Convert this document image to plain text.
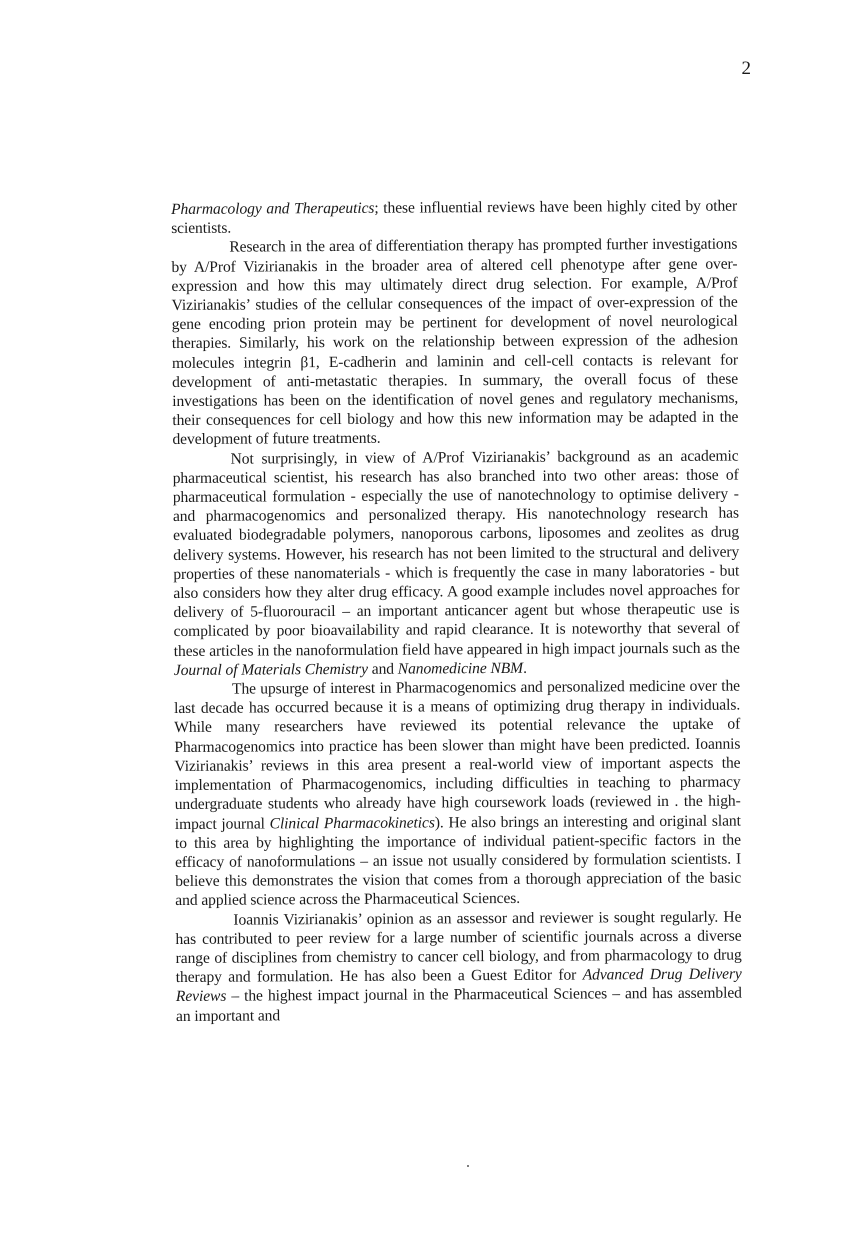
2

Pharmacology and Therapeutics; these influential reviews have been highly cited by other scientists.

Research in the area of differentiation therapy has prompted further investigations by A/Prof Vizirianakis in the broader area of altered cell phenotype after gene over-expression and how this may ultimately direct drug selection. For example, A/Prof Vizirianakis’ studies of the cellular consequences of the impact of over-expression of the gene encoding prion protein may be pertinent for development of novel neurological therapies. Similarly, his work on the relationship between expression of the adhesion molecules integrin β1, E-cadherin and laminin and cell-cell contacts is relevant for development of anti-metastatic therapies. In summary, the overall focus of these investigations has been on the identification of novel genes and regulatory mechanisms, their consequences for cell biology and how this new information may be adapted in the development of future treatments.

Not surprisingly, in view of A/Prof Vizirianakis’ background as an academic pharmaceutical scientist, his research has also branched into two other areas: those of pharmaceutical formulation - especially the use of nanotechnology to optimise delivery - and pharmacogenomics and personalized therapy. His nanotechnology research has evaluated biodegradable polymers, nanoporous carbons, liposomes and zeolites as drug delivery systems. However, his research has not been limited to the structural and delivery properties of these nanomaterials - which is frequently the case in many laboratories - but also considers how they alter drug efficacy. A good example includes novel approaches for delivery of 5-fluorouracil – an important anticancer agent but whose therapeutic use is complicated by poor bioavailability and rapid clearance. It is noteworthy that several of these articles in the nanoformulation field have appeared in high impact journals such as the Journal of Materials Chemistry and Nanomedicine NBM.

The upsurge of interest in Pharmacogenomics and personalized medicine over the last decade has occurred because it is a means of optimizing drug therapy in individuals. While many researchers have reviewed its potential relevance the uptake of Pharmacogenomics into practice has been slower than might have been predicted. Ioannis Vizirianakis’ reviews in this area present a real-world view of important aspects the implementation of Pharmacogenomics, including difficulties in teaching to pharmacy undergraduate students who already have high coursework loads (reviewed in . the high-impact journal Clinical Pharmacokinetics). He also brings an interesting and original slant to this area by highlighting the importance of individual patient-specific factors in the efficacy of nanoformulations – an issue not usually considered by formulation scientists. I believe this demonstrates the vision that comes from a thorough appreciation of the basic and applied science across the Pharmaceutical Sciences.

Ioannis Vizirianakis’ opinion as an assessor and reviewer is sought regularly. He has contributed to peer review for a large number of scientific journals across a diverse range of disciplines from chemistry to cancer cell biology, and from pharmacology to drug therapy and formulation. He has also been a Guest Editor for Advanced Drug Delivery Reviews – the highest impact journal in the Pharmaceutical Sciences – and has assembled an important and
